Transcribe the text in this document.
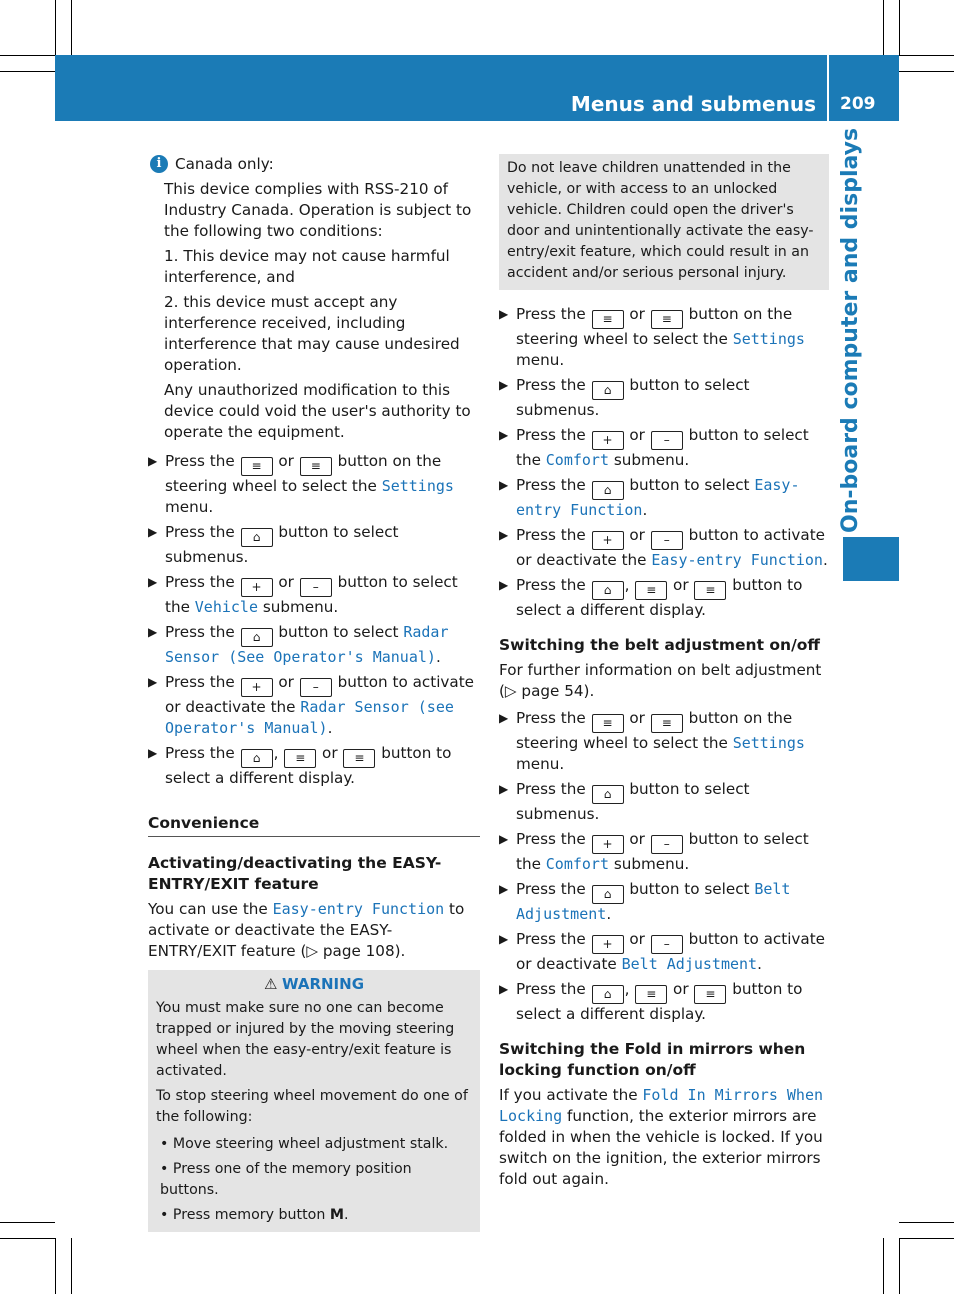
Menus and submenus 209
On-board computer and displays
i Canada only:

This device complies with RSS-210 of Industry Canada. Operation is subject to the following two conditions:

1. This device may not cause harmful interference, and

2. this device must accept any interference received, including interference that may cause undesired operation.

Any unauthorized modification to this device could void the user's authority to operate the equipment.

▶ Press the ≡ or ≡ button on the steering wheel to select the Settings menu.
▶ Press the ⌂ button to select submenus.
▶ Press the + or – button to select the Vehicle submenu.
▶ Press the ⌂ button to select Radar Sensor (See Operator's Manual).
▶ Press the + or – button to activate or deactivate the Radar Sensor (see Operator's Manual).
▶ Press the ⌂ , ≡ or ≡ button to select a different display.
Convenience
Activating/deactivating the EASY-ENTRY/EXIT feature

You can use the Easy-entry Function to activate or deactivate the EASY-ENTRY/EXIT feature (▷ page 108).

⚠ WARNING

You must make sure no one can become trapped or injured by the moving steering wheel when the easy-entry/exit feature is activated.

To stop steering wheel movement do one of the following:

• Move steering wheel adjustment stalk.

• Press one of the memory position buttons.

• Press memory button M.

Do not leave children unattended in the vehicle, or with access to an unlocked vehicle. Children could open the driver's door and unintentionally activate the easy-entry/exit feature, which could result in an accident and/or serious personal injury.

▶ Press the ≡ or ≡ button on the steering wheel to select the Settings menu.
▶ Press the ⌂ button to select submenus.
▶ Press the + or – button to select the Comfort submenu.
▶ Press the ⌂ button to select Easy-entry Function.
▶ Press the + or – button to activate or deactivate the Easy-entry Function.
▶ Press the ⌂ , ≡ or ≡ button to select a different display.
Switching the belt adjustment on/off

For further information on belt adjustment (▷ page 54).

▶ Press the ≡ or ≡ button on the steering wheel to select the Settings menu.
▶ Press the ⌂ button to select submenus.
▶ Press the + or – button to select the Comfort submenu.
▶ Press the ⌂ button to select Belt Adjustment.
▶ Press the + or – button to activate or deactivate Belt Adjustment.
▶ Press the ⌂ , ≡ or ≡ button to select a different display.
Switching the Fold in mirrors when locking function on/off

If you activate the Fold In Mirrors When Locking function, the exterior mirrors are folded in when the vehicle is locked. If you switch on the ignition, the exterior mirrors fold out again.
